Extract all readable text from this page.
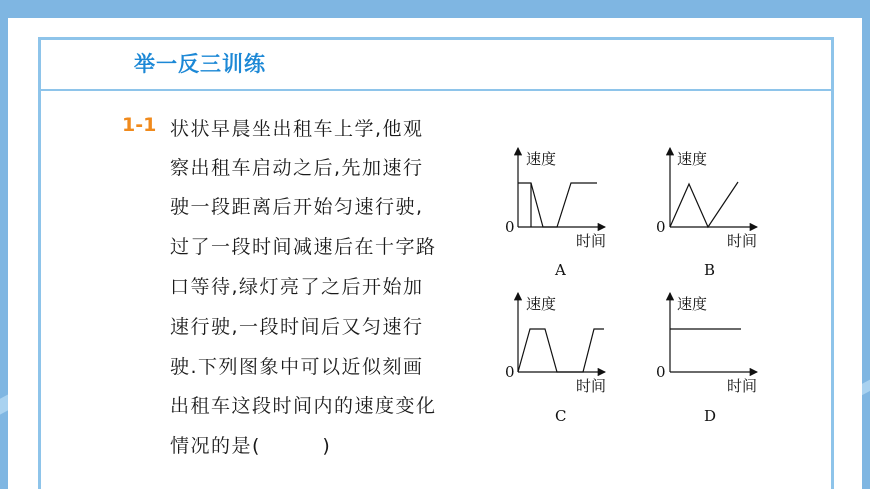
举一反三训练
1-1 状状早晨坐出租车上学,他观
察出租车启动之后,先加速行
驶一段距离后开始匀速行驶,
过了一段时间减速后在十字路
口等待,绿灯亮了之后开始加
速行驶,一段时间后又匀速行
驶.下列图象中可以近似刻画
出租车这段时间内的速度变化
情况的是(　　　)
速度
时间
0
A
速度
时间
0
B
速度
时间
0
C
速度
时间
0
D
